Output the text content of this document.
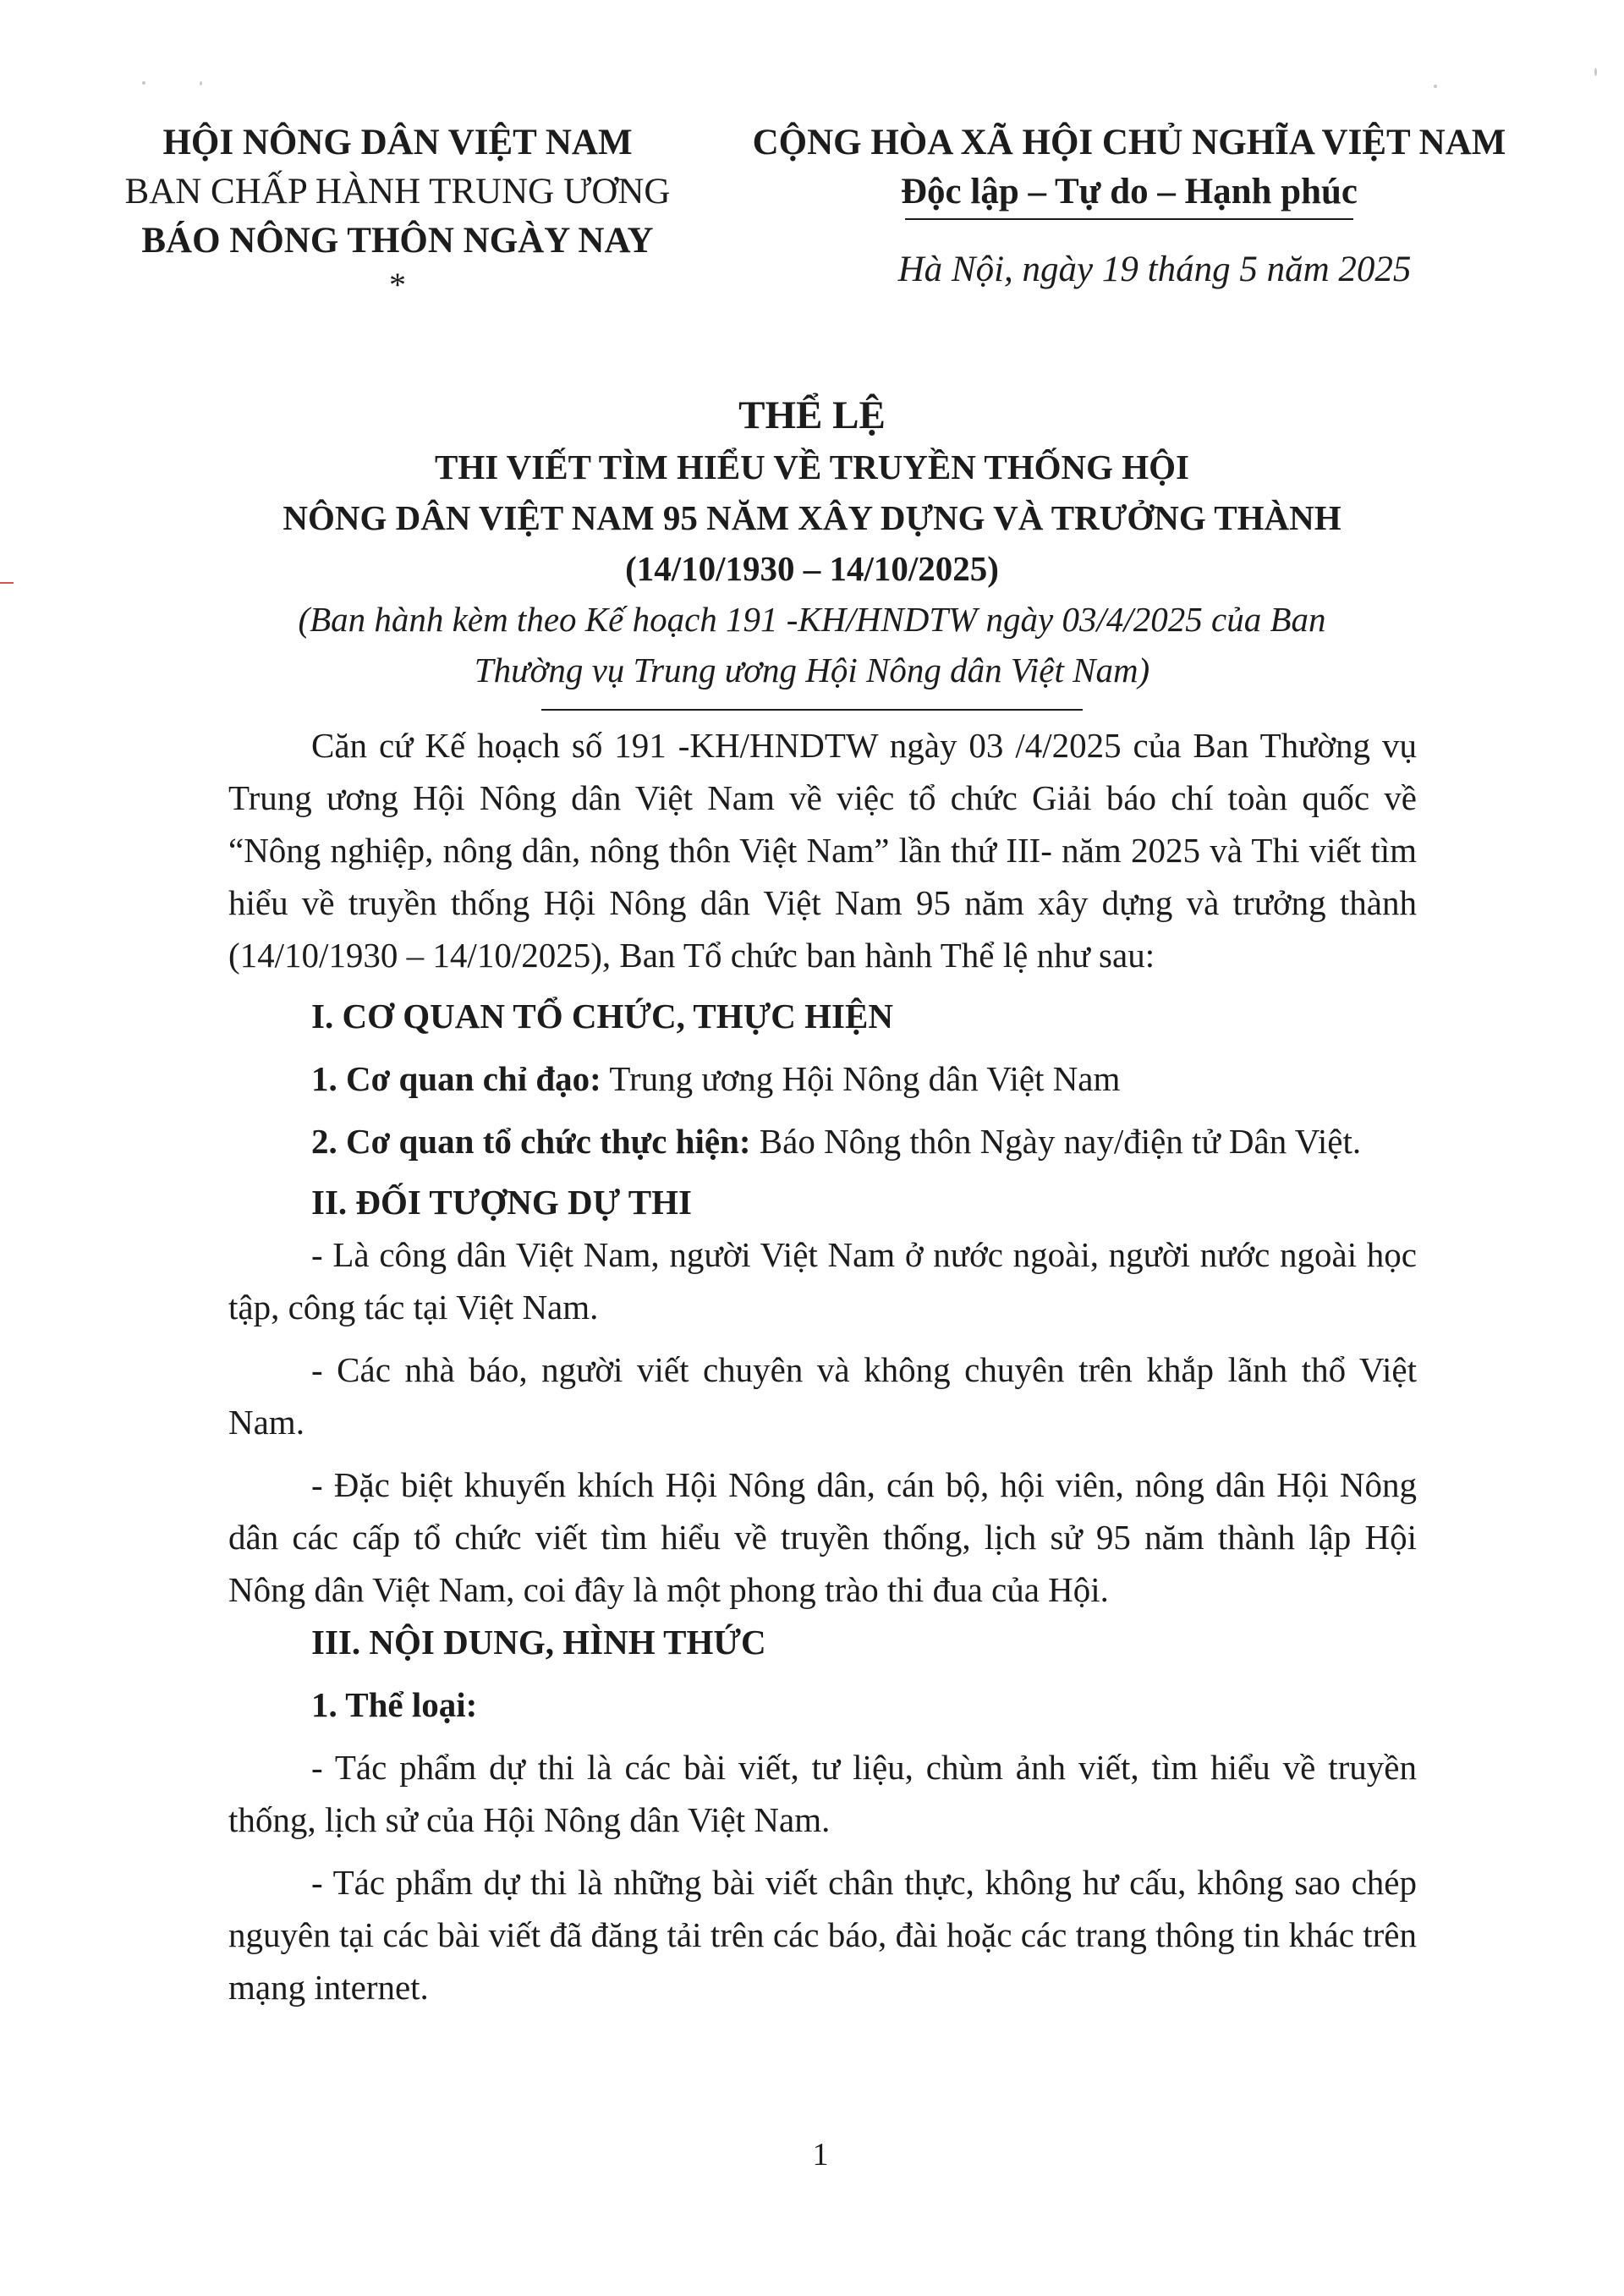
HỘI NÔNG DÂN VIỆT NAM
BAN CHẤP HÀNH TRUNG ƯƠNG
BÁO NÔNG THÔN NGÀY NAY
*
CỘNG HÒA XÃ HỘI CHỦ NGHĨA VIỆT NAM
Độc lập – Tự do – Hạnh phúc
Hà Nội, ngày 19 tháng 5 năm 2025
THỂ LỆ
THI VIẾT TÌM HIỂU VỀ TRUYỀN THỐNG HỘI
NÔNG DÂN VIỆT NAM 95 NĂM XÂY DỰNG VÀ TRƯỞNG THÀNH
(14/10/1930 – 14/10/2025)
(Ban hành kèm theo Kế hoạch 191 -KH/HNDTW ngày 03/4/2025 của Ban
Thường vụ Trung ương Hội Nông dân Việt Nam)

Căn cứ Kế hoạch số 191 -KH/HNDTW ngày 03 /4/2025 của Ban Thường vụ Trung ương Hội Nông dân Việt Nam về việc tổ chức Giải báo chí toàn quốc về “Nông nghiệp, nông dân, nông thôn Việt Nam” lần thứ III- năm 2025 và Thi viết tìm hiểu về truyền thống Hội Nông dân Việt Nam 95 năm xây dựng và trưởng thành (14/10/1930 – 14/10/2025), Ban Tổ chức ban hành Thể lệ như sau:

I. CƠ QUAN TỔ CHỨC, THỰC HIỆN

1. Cơ quan chỉ đạo: Trung ương Hội Nông dân Việt Nam

2. Cơ quan tổ chức thực hiện: Báo Nông thôn Ngày nay/điện tử Dân Việt.

II. ĐỐI TƯỢNG DỰ THI

- Là công dân Việt Nam, người Việt Nam ở nước ngoài, người nước ngoài học tập, công tác tại Việt Nam.

- Các nhà báo, người viết chuyên và không chuyên trên khắp lãnh thổ Việt Nam.

- Đặc biệt khuyến khích Hội Nông dân, cán bộ, hội viên, nông dân Hội Nông dân các cấp tổ chức viết tìm hiểu về truyền thống, lịch sử 95 năm thành lập Hội Nông dân Việt Nam, coi đây là một phong trào thi đua của Hội.

III. NỘI DUNG, HÌNH THỨC

1. Thể loại:

- Tác phẩm dự thi là các bài viết, tư liệu, chùm ảnh viết, tìm hiểu về truyền thống, lịch sử của Hội Nông dân Việt Nam.

- Tác phẩm dự thi là những bài viết chân thực, không hư cấu, không sao chép nguyên tại các bài viết đã đăng tải trên các báo, đài hoặc các trang thông tin khác trên mạng internet.

1
